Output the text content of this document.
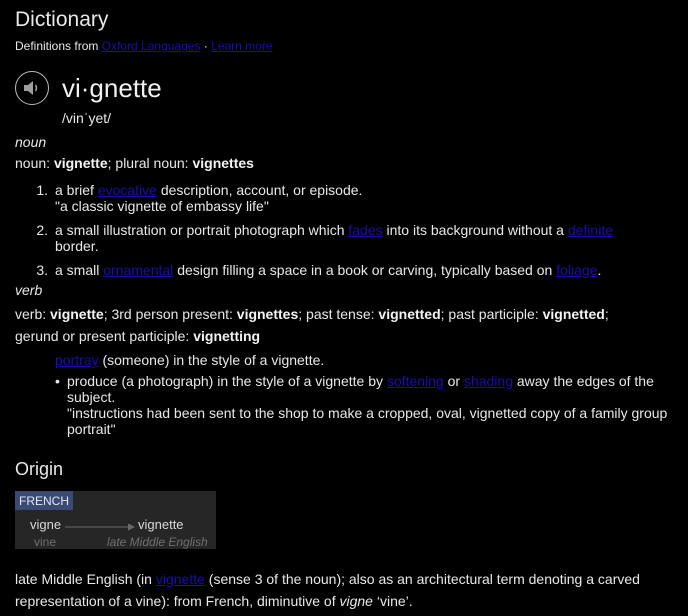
Dictionary
Definitions from Oxford Languages · Learn more
vi·gnette
/vinˈyet/
noun
noun: vignette; plural noun: vignettes
1. a brief evocative description, account, or episode.
"a classic vignette of embassy life"
2. a small illustration or portrait photograph which fades into its background without a definite border.
3. a small ornamental design filling a space in a book or carving, typically based on foliage.
verb
verb: vignette; 3rd person present: vignettes; past tense: vignetted; past participle: vignetted;
gerund or present participle: vignetting
portray (someone) in the style of a vignette.
• produce (a photograph) in the style of a vignette by softening or shading away the edges of the subject.
"instructions had been sent to the shop to make a cropped, oval, vignetted copy of a family group portrait"
Origin
FRENCH
vigne	vignette
vine	late Middle English
late Middle English (in vignette (sense 3 of the noun); also as an architectural term denoting a carved representation of a vine): from French, diminutive of vigne ‘vine’.
